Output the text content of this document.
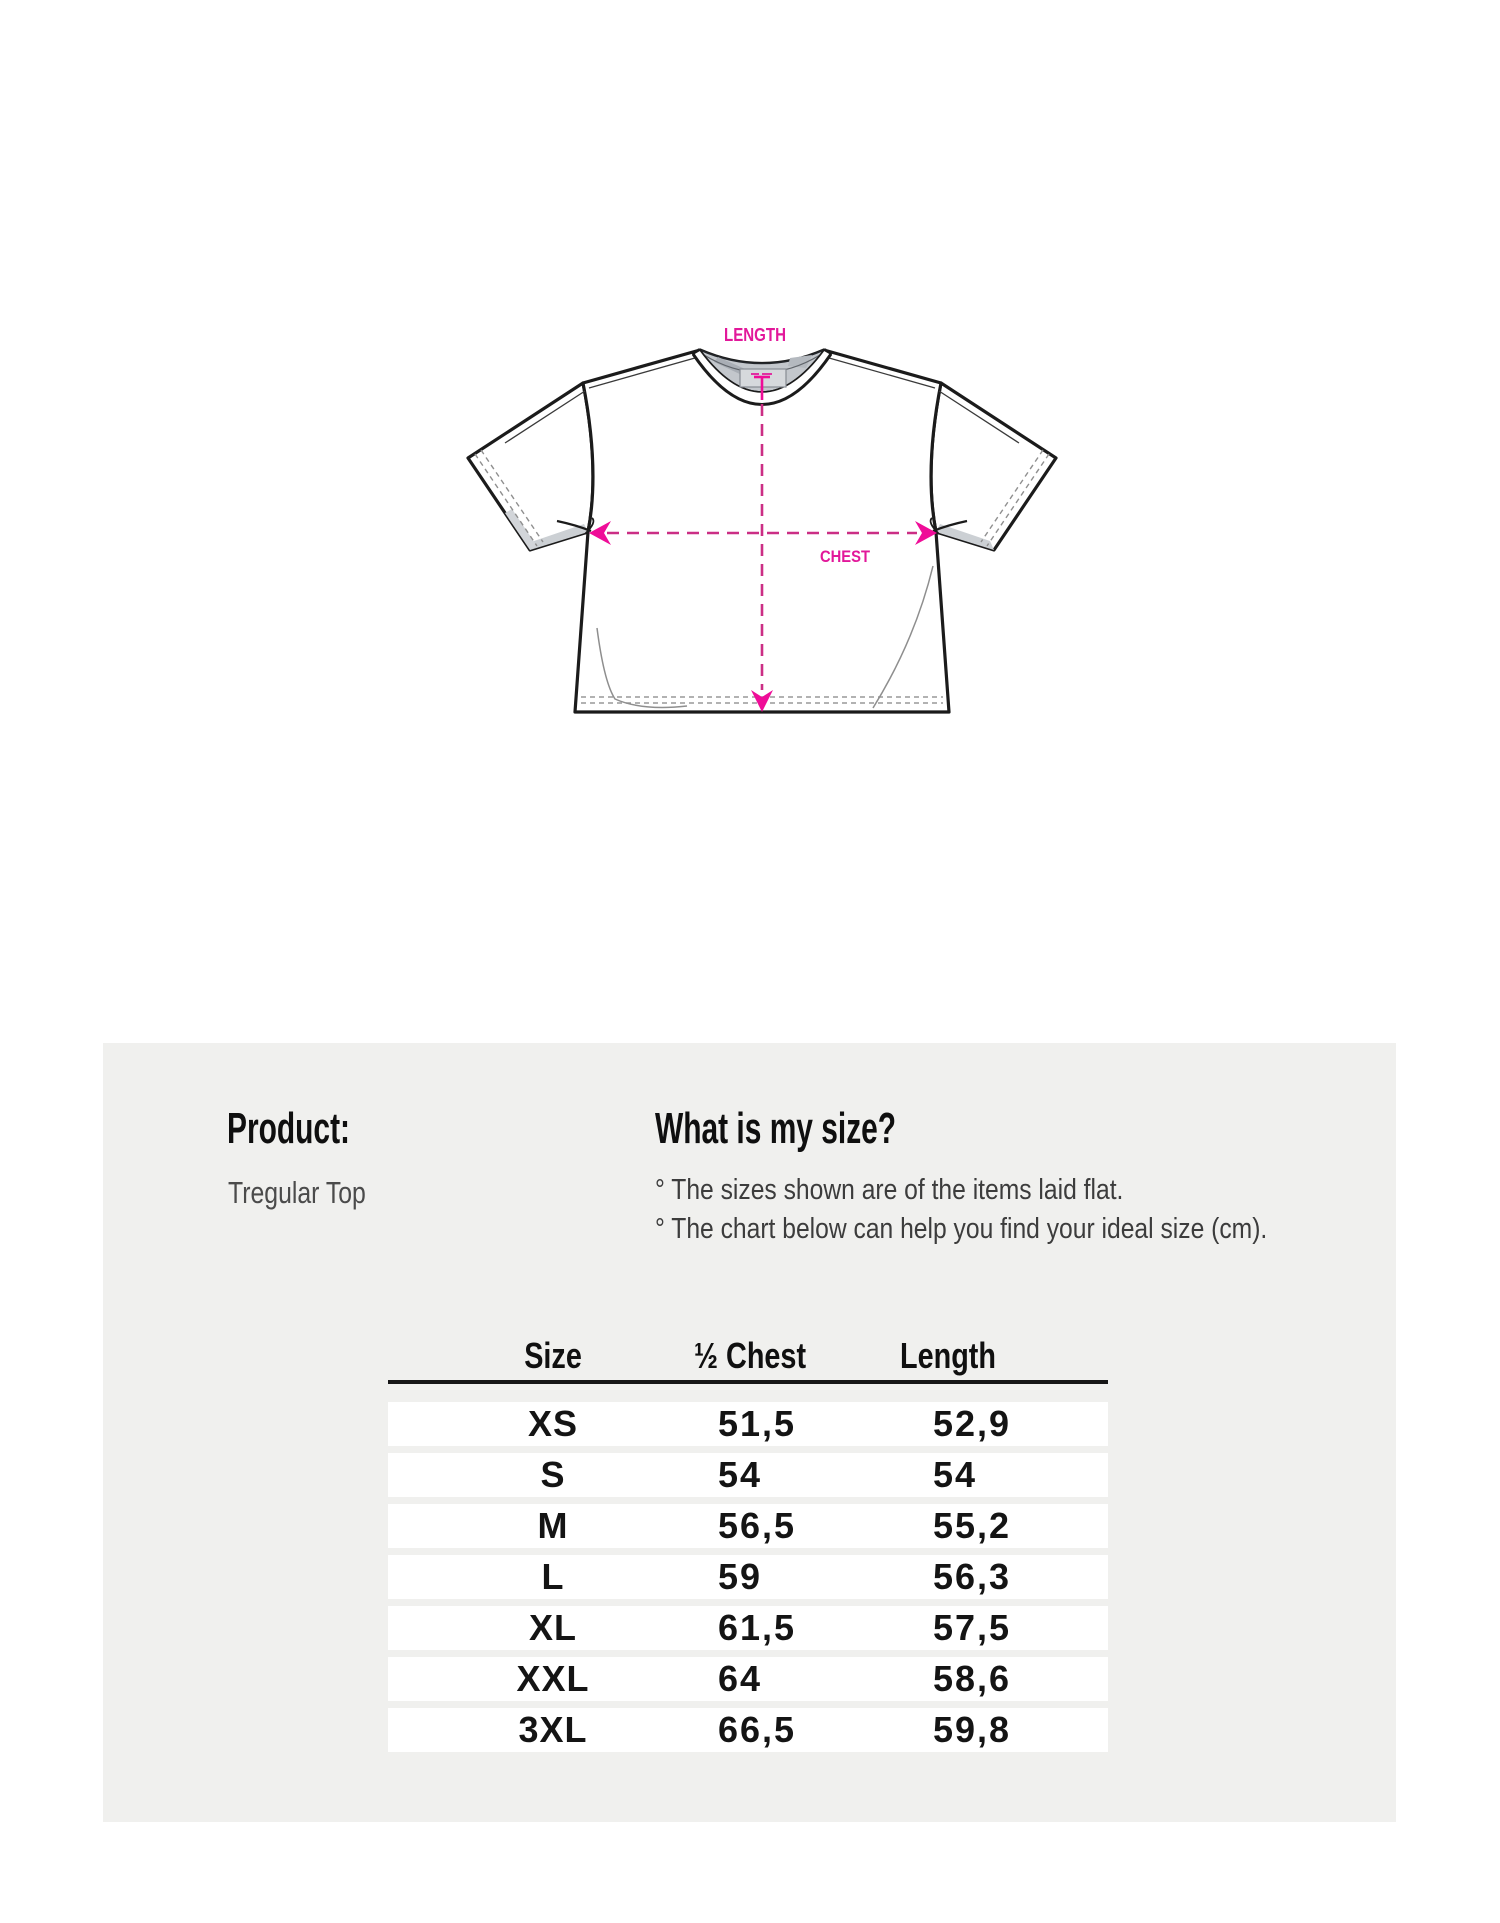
LENGTH
CHEST
Product:
Tregular Top
What is my size?
° The sizes shown are of the items laid flat.
° The chart below can help you find your ideal size (cm).
Size	½ Chest	Length
XS	51,5	52,9
S	54	54
M	56,5	55,2
L	59	56,3
XL	61,5	57,5
XXL	64	58,6
3XL	66,5	59,8
